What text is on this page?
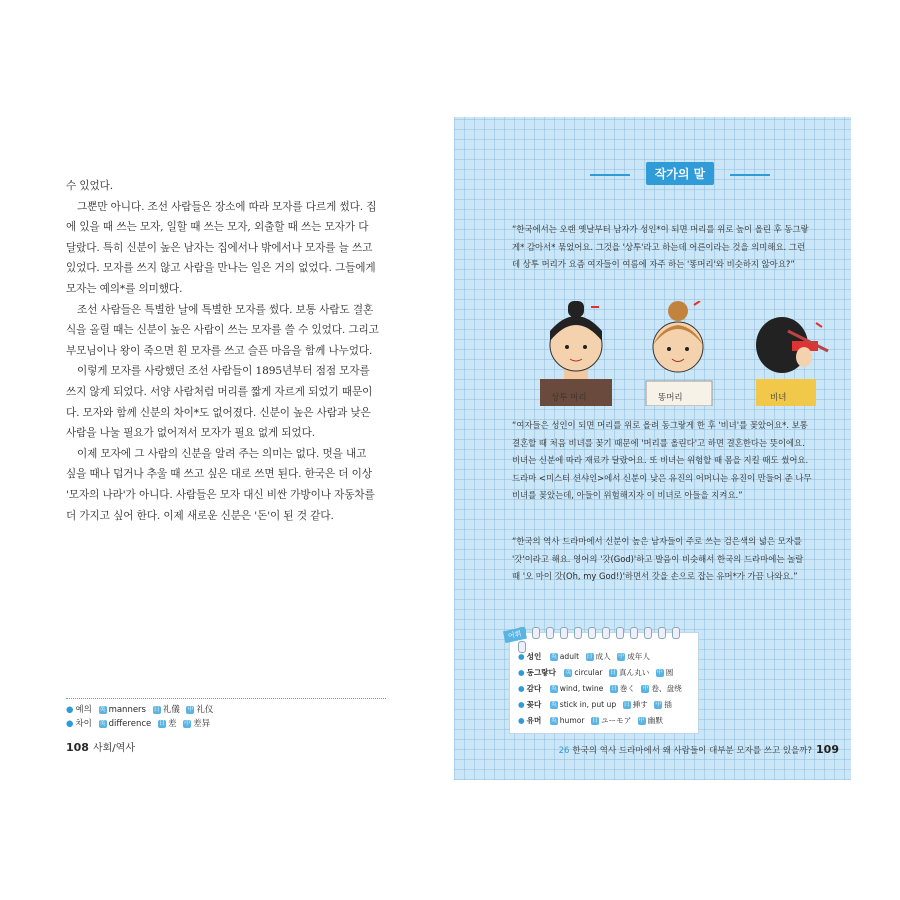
수 있었다.

그뿐만 아니다. 조선 사람들은 장소에 따라 모자를 다르게 썼다. 집에 있을 때 쓰는 모자, 일할 때 쓰는 모자, 외출할 때 쓰는 모자가 다 달랐다. 특히 신분이 높은 남자는 집에서나 밖에서나 모자를 늘 쓰고 있었다. 모자를 쓰지 않고 사람을 만나는 일은 거의 없었다. 그들에게 모자는 예의*를 의미했다.

조선 사람들은 특별한 날에 특별한 모자를 썼다. 보통 사람도 결혼식을 올릴 때는 신분이 높은 사람이 쓰는 모자를 쓸 수 있었다. 그리고 부모님이나 왕이 죽으면 흰 모자를 쓰고 슬픈 마음을 함께 나누었다.

이렇게 모자를 사랑했던 조선 사람들이 1895년부터 점점 모자를 쓰지 않게 되었다. 서양 사람처럼 머리를 짧게 자르게 되었기 때문이다. 모자와 함께 신분의 차이*도 없어졌다. 신분이 높은 사람과 낮은 사람을 나눌 필요가 없어져서 모자가 필요 없게 되었다.

이제 모자에 그 사람의 신분을 알려 주는 의미는 없다. 멋을 내고 싶을 때나 덥거나 추울 때 쓰고 싶은 대로 쓰면 된다. 한국은 더 이상 '모자의 나라'가 아니다. 사람들은 모자 대신 비싼 가방이나 자동차를 더 가지고 싶어 한다. 이제 새로운 신분은 '돈'이 된 것 같다.

● 예의 英 manners 日 礼儀 中 礼仪
● 차이 英 difference 日 差 中 差异
108 사회/역사
작가의 말
“한국에서는 오랜 옛날부터 남자가 성인*이 되면 머리를 위로 높이 올린 후 동그랗게* 감아서* 묶었어요. 그것을 '상투'라고 하는데 어른이라는 것을 의미해요. 그런데 상투 머리가 요즘 여자들이 여름에 자주 하는 '똥머리'와 비슷하지 않아요?”
상투 머리	똥머리	비녀
“여자들은 성인이 되면 머리를 위로 올려 동그랗게 한 후 '비녀'를 꽂았어요*. 보통 결혼할 때 처음 비녀를 꽂기 때문에 '머리를 올린다'고 하면 결혼한다는 뜻이에요. 비녀는 신분에 따라 재료가 달랐어요. 또 비녀는 위험할 때 몸을 지킬 때도 썼어요. 드라마 <미스터 션샤인>에서 신분이 낮은 유진의 어머니는 유진이 만들어 준 나무 비녀를 꽂았는데, 아들이 위험해지자 이 비녀로 아들을 지켜요.”
“한국의 역사 드라마에서 신분이 높은 남자들이 주로 쓰는 검은색의 넓은 모자를 '갓'이라고 해요. 영어의 '갓(God)'하고 발음이 비슷해서 한국의 드라마에는 놀랄 때 '오 마이 갓(Oh, my God!)'하면서 갓을 손으로 잡는 유머*가 가끔 나와요.”
어휘
● 성인 英 adult 日 成人 中 成年人
● 동그랗다 英 circular 日 真ん丸い 中 圆
● 감다 英 wind, twine 日 巻く 中 卷、盘绕
● 꽂다 英 stick in, put up 日 挿す 中 插
● 유머 英 humor 日 ユーモア 中 幽默
26 한국의 역사 드라마에서 왜 사람들이 대부분 모자를 쓰고 있을까? 109
